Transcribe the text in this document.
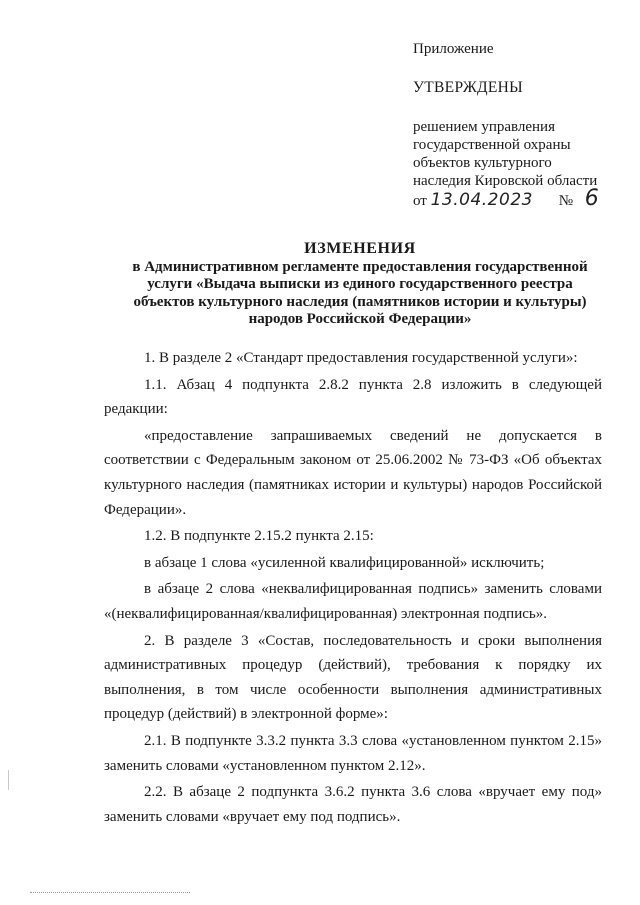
Приложение
УТВЕРЖДЕНЫ
решением управления
государственной охраны
объектов культурного
наследия Кировской области
от 13.04.2023 № 6
ИЗМЕНЕНИЯ
в Административном регламенте предоставления государственной
услуги «Выдача выписки из единого государственного реестра
объектов культурного наследия (памятников истории и культуры)
народов Российской Федерации»

1. В разделе 2 «Стандарт предоставления государственной услуги»:

1.1. Абзац 4 подпункта 2.8.2 пункта 2.8 изложить в следующей редакции:

«предоставление запрашиваемых сведений не допускается в соответствии с Федеральным законом от 25.06.2002 № 73-ФЗ «Об объектах культурного наследия (памятниках истории и культуры) народов Российской Федерации».

1.2. В подпункте 2.15.2 пункта 2.15:

в абзаце 1 слова «усиленной квалифицированной» исключить;

в абзаце 2 слова «неквалифицированная подпись» заменить словами «(неквалифицированная/квалифицированная) электронная подпись».

2. В разделе 3 «Состав, последовательность и сроки выполнения административных процедур (действий), требования к порядку их выполнения, в том числе особенности выполнения административных процедур (действий) в электронной форме»:

2.1. В подпункте 3.3.2 пункта 3.3 слова «установленном пунктом 2.15» заменить словами «установленном пунктом 2.12».

2.2. В абзаце 2 подпункта 3.6.2 пункта 3.6 слова «вручает ему под» заменить словами «вручает ему под подпись».
